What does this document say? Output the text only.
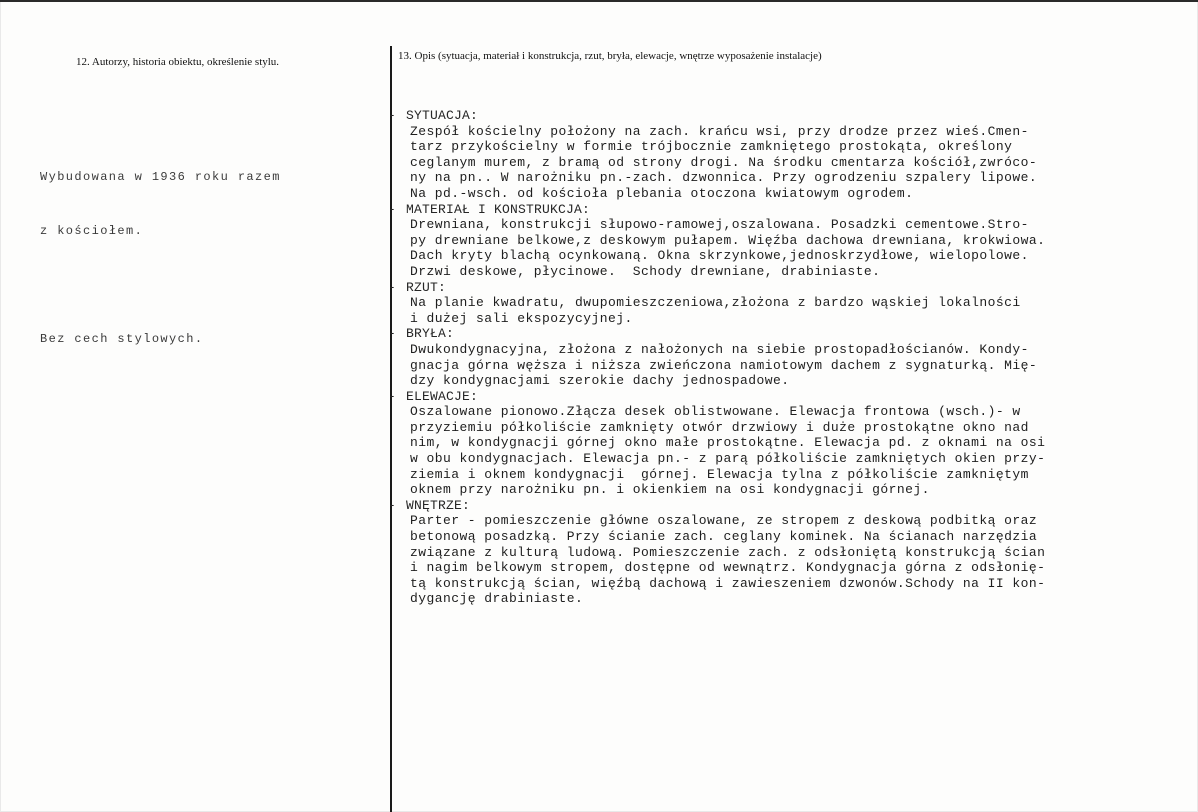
12. Autorzy, historia obiektu, określenie stylu.	13. Opis (sytuacja, materiał i konstrukcja, rzut, bryła, elewacje, wnętrze wyposażenie instalacje)

Wybudowana w 1936 roku razem

z kościołem.

Bez cech stylowych.

- SYTUACJA:
Zespół kościelny położony na zach. krańcu wsi, przy drodze przez wieś.Cmen-
tarz przykościelny w formie trójbocznie zamkniętego prostokąta, określony
ceglanym murem, z bramą od strony drogi. Na środku cmentarza kościół,zwróco-
ny na pn.. W narożniku pn.-zach. dzwonnica. Przy ogrodzeniu szpalery lipowe.
Na pd.-wsch. od kościoła plebania otoczona kwiatowym ogrodem.
- MATERIAŁ I KONSTRUKCJA:
Drewniana, konstrukcji słupowo-ramowej,oszalowana. Posadzki cementowe.Stro-
py drewniane belkowe,z deskowym pułapem. Więźba dachowa drewniana, krokwiowa.
Dach kryty blachą ocynkowaną. Okna skrzynkowe,jednoskrzydłowe, wielopolowe.
Drzwi deskowe, płycinowe.  Schody drewniane, drabiniaste.
- RZUT:
Na planie kwadratu, dwupomieszczeniowa,złożona z bardzo wąskiej lokalności
i dużej sali ekspozycyjnej.
- BRYŁA:
Dwukondygnacyjna, złożona z nałożonych na siebie prostopadłościanów. Kondy-
gnacja górna węższa i niższa zwieńczona namiotowym dachem z sygnaturką. Mię-
dzy kondygnacjami szerokie dachy jednospadowe.
- ELEWACJE:
Oszalowane pionowo.Złącza desek oblistwowane. Elewacja frontowa (wsch.)- w
przyziemiu półkoliście zamknięty otwór drzwiowy i duże prostokątne okno nad
nim, w kondygnacji górnej okno małe prostokątne. Elewacja pd. z oknami na osi
w obu kondygnacjach. Elewacja pn.- z parą półkoliście zamkniętych okien przy-
ziemia i oknem kondygnacji  górnej. Elewacja tylna z półkoliście zamkniętym
oknem przy narożniku pn. i okienkiem na osi kondygnacji górnej.
- WNĘTRZE:
Parter - pomieszczenie główne oszalowane, ze stropem z deskową podbitką oraz
betonową posadzką. Przy ścianie zach. ceglany kominek. Na ścianach narzędzia
związane z kulturą ludową. Pomieszczenie zach. z odsłoniętą konstrukcją ścian
i nagim belkowym stropem, dostępne od wewnątrz. Kondygnacja górna z odsłonię-
tą konstrukcją ścian, więźbą dachową i zawieszeniem dzwonów.Schody na II kon-
dygancję drabiniaste.
